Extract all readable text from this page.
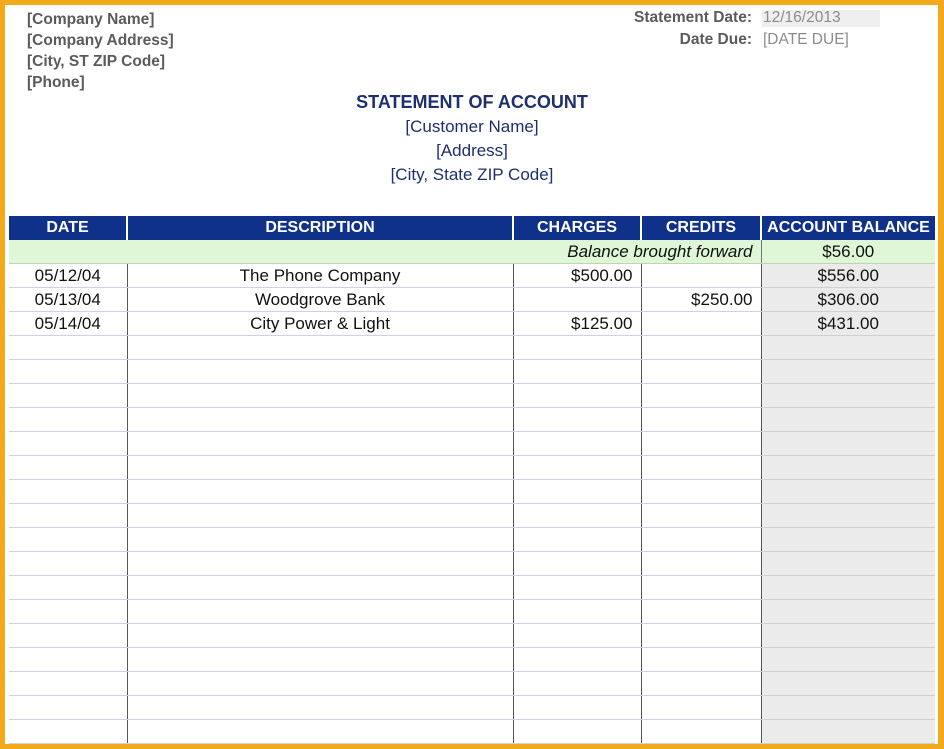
[Company Name]
[Company Address]
[City, ST ZIP Code]
[Phone]
Statement Date: 12/16/2013
Date Due: [DATE DUE]
STATEMENT OF ACCOUNT
[Customer Name]
[Address]
[City, State ZIP Code]
DATE	DESCRIPTION	CHARGES	CREDITS	ACCOUNT BALANCE
Balance brought forward				$56.00
05/12/04	The Phone Company	$500.00		$556.00
05/13/04	Woodgrove Bank		$250.00	$306.00
05/14/04	City Power & Light	$125.00		$431.00
